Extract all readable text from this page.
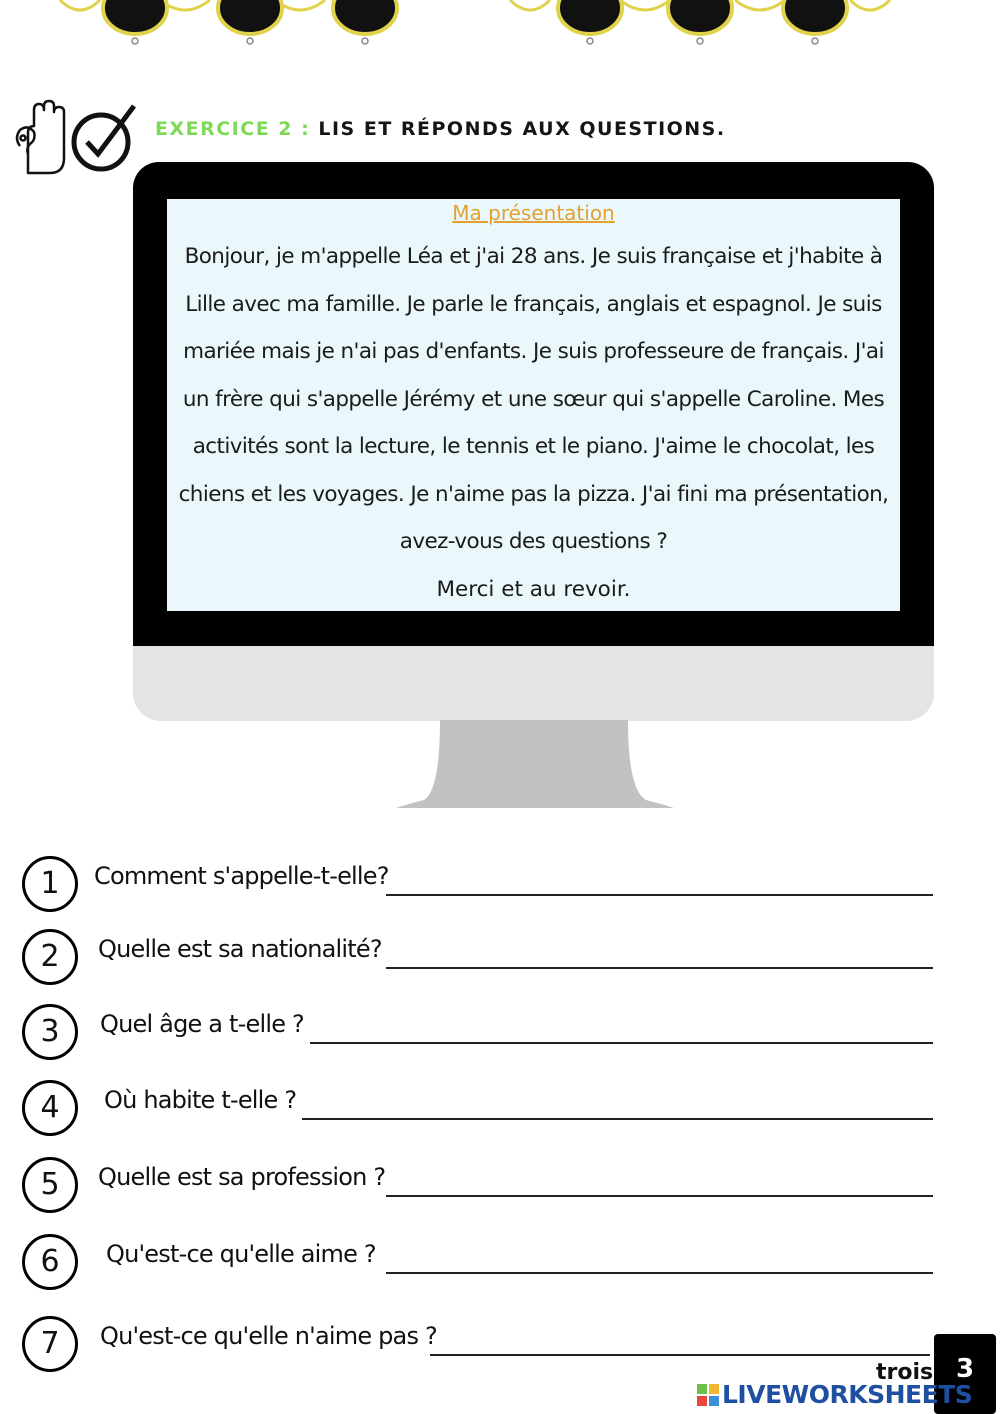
EXERCICE 2 : LIS ET RÉPONDS AUX QUESTIONS.
Ma présentation
Bonjour, je m'appelle Léa et j'ai 28 ans. Je suis française et j'habite à Lille avec ma famille. Je parle le français, anglais et espagnol. Je suis mariée mais je n'ai pas d'enfants. Je suis professeure de français. J'ai un frère qui s'appelle Jérémy et une sœur qui s'appelle Caroline. Mes activités sont la lecture, le tennis et le piano. J'aime le chocolat, les chiens et les voyages. Je n'aime pas la pizza. J'ai fini ma présentation, avez-vous des questions ?
Merci et au revoir.
1	Comment s'appelle-t-elle?
2	Quelle est sa nationalité?
3	Quel âge a t-elle ?
4	Où habite t-elle ?
5	Quelle est sa profession ?
6	Qu'est-ce qu'elle aime ?
7	Qu'est-ce qu'elle n'aime pas ?
3
trois
LIVEWORKSHEETS
